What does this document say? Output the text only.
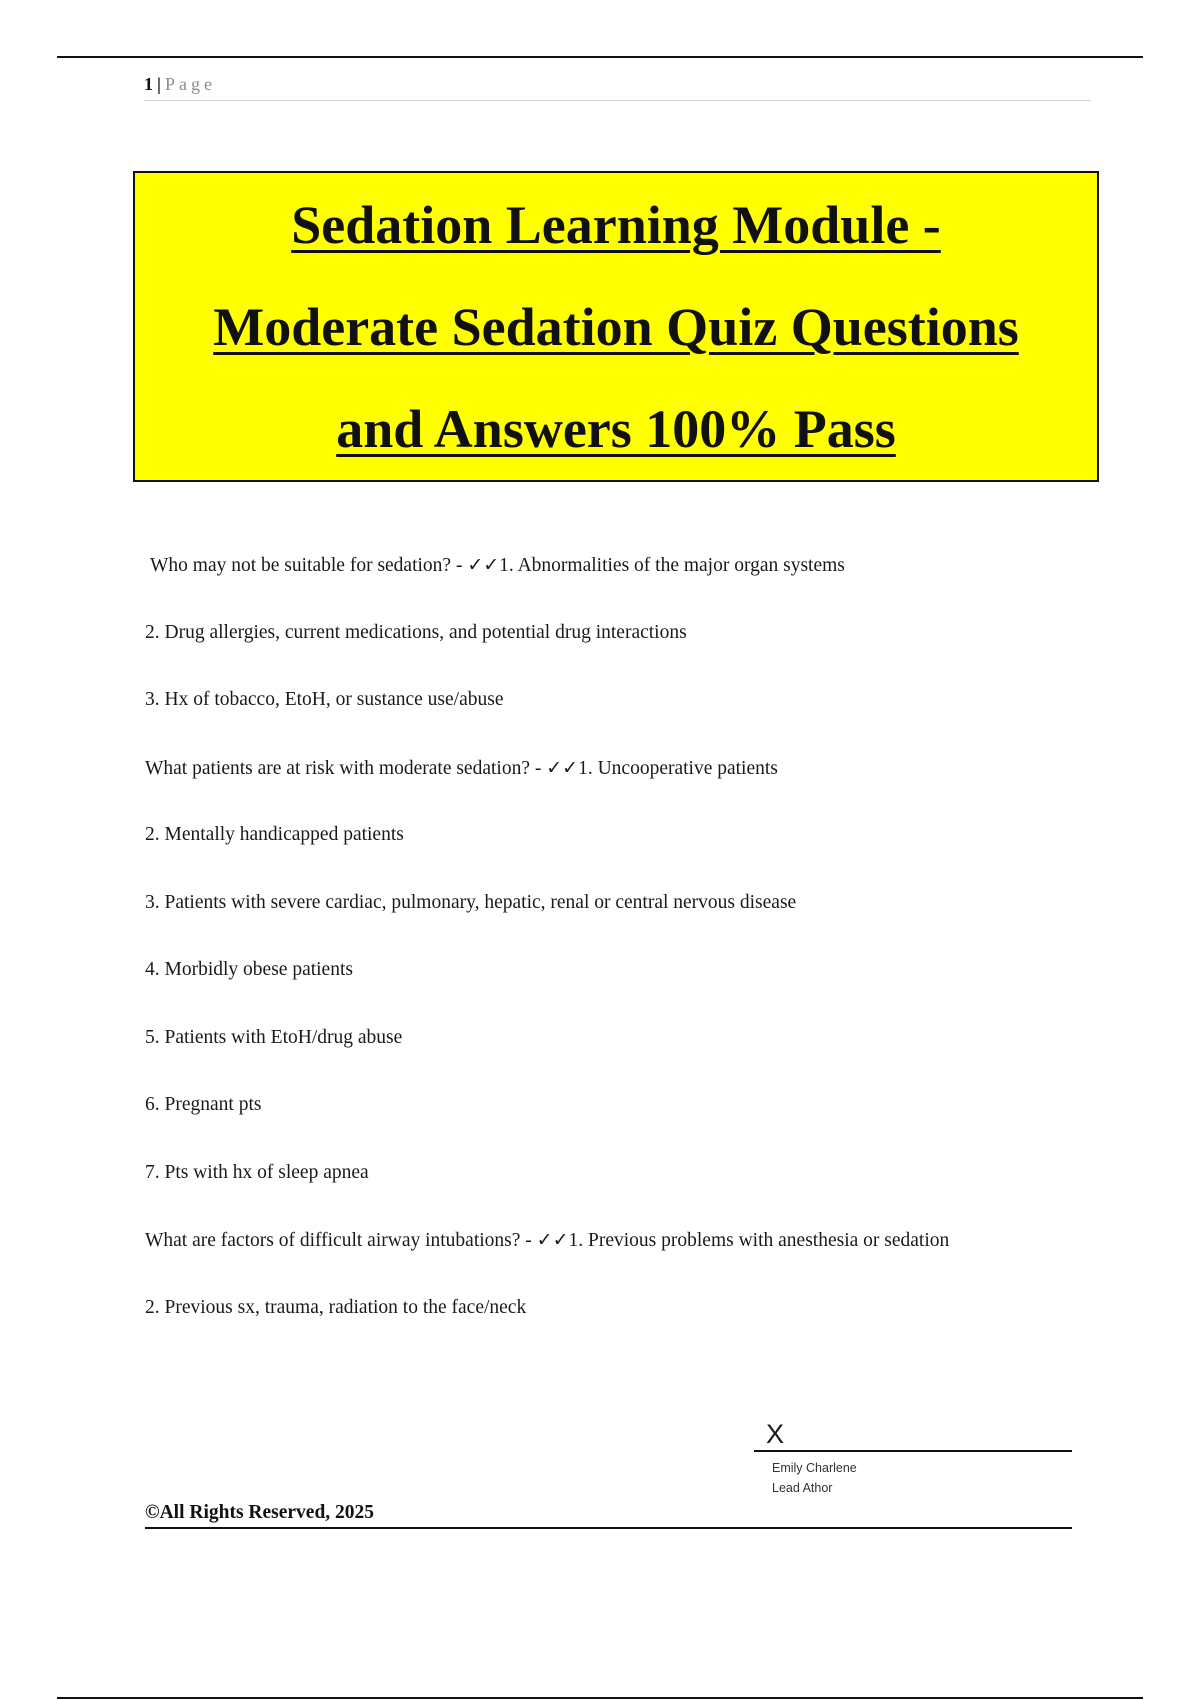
1 | Page
Sedation Learning Module -
Moderate Sedation Quiz Questions
and Answers 100% Pass
Who may not be suitable for sedation? - ✓✓1. Abnormalities of the major organ systems
2. Drug allergies, current medications, and potential drug interactions
3. Hx of tobacco, EtoH, or sustance use/abuse
What patients are at risk with moderate sedation? - ✓✓1. Uncooperative patients
2. Mentally handicapped patients
3. Patients with severe cardiac, pulmonary, hepatic, renal or central nervous disease
4. Morbidly obese patients
5. Patients with EtoH/drug abuse
6. Pregnant pts
7. Pts with hx of sleep apnea
What are factors of difficult airway intubations? - ✓✓1. Previous problems with anesthesia or sedation
2. Previous sx, trauma, radiation to the face/neck
X
Emily Charlene
Lead Athor
©All Rights Reserved, 2025
